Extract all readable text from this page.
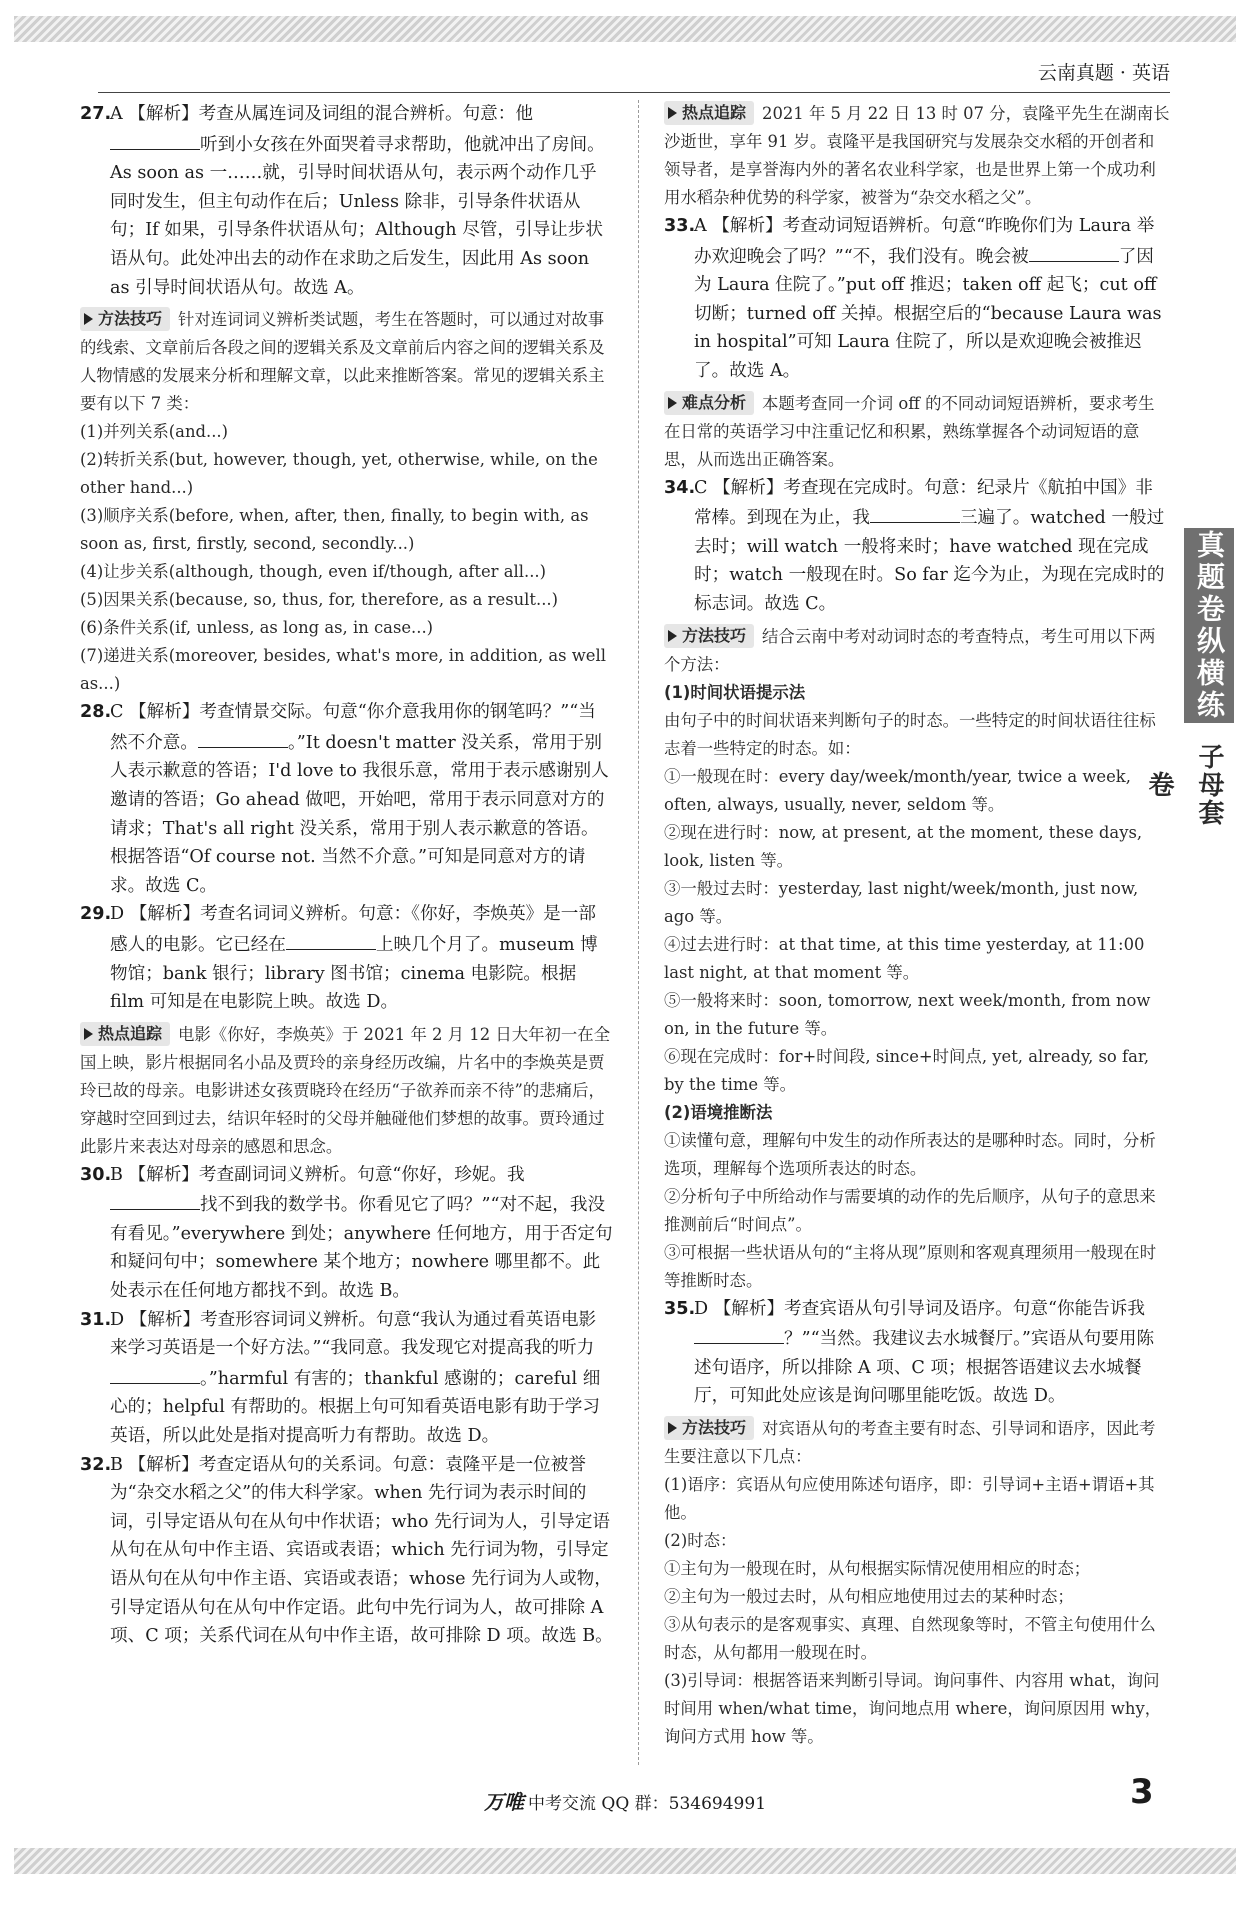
云南真题 · 英语

27.A 【解析】考查从属连词及词组的混合辨析。句意：他 听到小女孩在外面哭着寻求帮助，他就冲出了房间。As soon as 一……就，引导时间状语从句，表示两个动作几乎同时发生，但主句动作在后；Unless 除非，引导条件状语从句；If 如果，引导条件状语从句；Although 尽管，引导让步状语从句。此处冲出去的动作在求助之后发生，因此用 As soon as 引导时间状语从句。故选 A。

方法技巧 针对连词词义辨析类试题，考生在答题时，可以通过对故事的线索、文章前后各段之间的逻辑关系及文章前后内容之间的逻辑关系及人物情感的发展来分析和理解文章，以此来推断答案。常见的逻辑关系主要有以下 7 类：

(1)并列关系(and...)

(2)转折关系(but, however, though, yet, otherwise, while, on the other hand...)

(3)顺序关系(before, when, after, then, finally, to begin with, as soon as, first, firstly, second, secondly...)

(4)让步关系(although, though, even if/though, after all...)

(5)因果关系(because, so, thus, for, therefore, as a result...)

(6)条件关系(if, unless, as long as, in case...)

(7)递进关系(moreover, besides, what's more, in addition, as well as...)

28.C 【解析】考查情景交际。句意“你介意我用你的钢笔吗？”“当然不介意。	。”It doesn't matter 没关系，常用于别人表示歉意的答语；I'd love to 我很乐意，常用于表示感谢别人邀请的答语；Go ahead 做吧，开始吧，常用于表示同意对方的请求；That's all right 没关系，常用于别人表示歉意的答语。根据答语“Of course not. 当然不介意。”可知是同意对方的请求。故选 C。

29.D 【解析】考查名词词义辨析。句意：《你好，李焕英》是一部感人的电影。它已经在	上映几个月了。museum 博物馆；bank 银行；library 图书馆；cinema 电影院。根据 film 可知是在电影院上映。故选 D。

热点追踪 电影《你好，李焕英》于 2021 年 2 月 12 日大年初一在全国上映，影片根据同名小品及贾玲的亲身经历改编，片名中的李焕英是贾玲已故的母亲。电影讲述女孩贾晓玲在经历“子欲养而亲不待”的悲痛后，穿越时空回到过去，结识年轻时的父母并触碰他们梦想的故事。贾玲通过此影片来表达对母亲的感恩和思念。

30.B 【解析】考查副词词义辨析。句意“你好，珍妮。我找不到我的数学书。你看见它了吗？”“对不起，我没有看见。”everywhere 到处；anywhere 任何地方，用于否定句和疑问句中；somewhere 某个地方；nowhere 哪里都不。此处表示在任何地方都找不到。故选 B。

31.D 【解析】考查形容词词义辨析。句意“我认为通过看英语电影来学习英语是一个好方法。”“我同意。我发现它对提高我的听力。”harmful 有害的；thankful 感谢的；careful 细心的；helpful 有帮助的。根据上句可知看英语电影有助于学习英语，所以此处是指对提高听力有帮助。故选 D。

32.B 【解析】考查定语从句的关系词。句意：袁隆平是一位被誉为“杂交水稻之父”的伟大科学家。when 先行词为表示时间的词，引导定语从句在从句中作状语；who 先行词为人，引导定语从句在从句中作主语、宾语或表语；which 先行词为物，引导定语从句在从句中作主语、宾语或表语；whose 先行词为人或物，引导定语从句在从句中作定语。此句中先行词为人，故可排除 A 项、C 项；关系代词在从句中作主语，故可排除 D 项。故选 B。

热点追踪 2021 年 5 月 22 日 13 时 07 分，袁隆平先生在湖南长沙逝世，享年 91 岁。袁隆平是我国研究与发展杂交水稻的开创者和领导者，是享誉海内外的著名农业科学家，也是世界上第一个成功利用水稻杂种优势的科学家，被誉为“杂交水稻之父”。

33.A 【解析】考查动词短语辨析。句意“昨晚你们为 Laura 举办欢迎晚会了吗？”“不，我们没有。晚会被	了因为 Laura 住院了。”put off 推迟；taken off 起飞；cut off 切断；turned off 关掉。根据空后的“because Laura was in hospital”可知 Laura 住院了，所以是欢迎晚会被推迟了。故选 A。

难点分析 本题考查同一介词 off 的不同动词短语辨析，要求考生在日常的英语学习中注重记忆和积累，熟练掌握各个动词短语的意思，从而选出正确答案。

34.C 【解析】考查现在完成时。句意：纪录片《航拍中国》非常棒。到现在为止，我	三遍了。watched 一般过去时；will watch 一般将来时；have watched 现在完成时；watch 一般现在时。So far 迄今为止，为现在完成时的标志词。故选 C。

方法技巧 结合云南中考对动词时态的考查特点，考生可用以下两个方法：

(1)时间状语提示法

由句子中的时间状语来判断句子的时态。一些特定的时间状语往往标志着一些特定的时态。如：

①一般现在时：every day/week/month/year, twice a week, often, always, usually, never, seldom 等。

②现在进行时：now, at present, at the moment, these days, look, listen 等。

③一般过去时：yesterday, last night/week/month, just now, ago 等。

④过去进行时：at that time, at this time yesterday, at 11:00 last night, at that moment 等。

⑤一般将来时：soon, tomorrow, next week/month, from now on, in the future 等。

⑥现在完成时：for+时间段, since+时间点, yet, already, so far, by the time 等。

(2)语境推断法

①读懂句意，理解句中发生的动作所表达的是哪种时态。同时，分析选项，理解每个选项所表达的时态。

②分析句子中所给动作与需要填的动作的先后顺序，从句子的意思来推测前后“时间点”。

③可根据一些状语从句的“主将从现”原则和客观真理须用一般现在时等推断时态。

35.D 【解析】考查宾语从句引导词及语序。句意“你能告诉我？”“当然。我建议去水城餐厅。”宾语从句要用陈述句语序，所以排除 A 项、C 项；根据答语建议去水城餐厅，可知此处应该是询问哪里能吃饭。故选 D。

方法技巧 对宾语从句的考查主要有时态、引导词和语序，因此考生要注意以下几点：

(1)语序：宾语从句应使用陈述句语序，即：引导词+主语+谓语+其他。

(2)时态：

①主句为一般现在时，从句根据实际情况使用相应的时态；

②主句为一般过去时，从句相应地使用过去的某种时态；

③从句表示的是客观事实、真理、自然现象等时，不管主句使用什么时态，从句都用一般现在时。

(3)引导词：根据答语来判断引导词。询问事件、内容用 what，询问时间用 when/what time，询问地点用 where，询问原因用 why，询问方式用 how 等。

真题卷纵横练
子母套卷
万唯 中考交流 QQ 群：534694991	3
